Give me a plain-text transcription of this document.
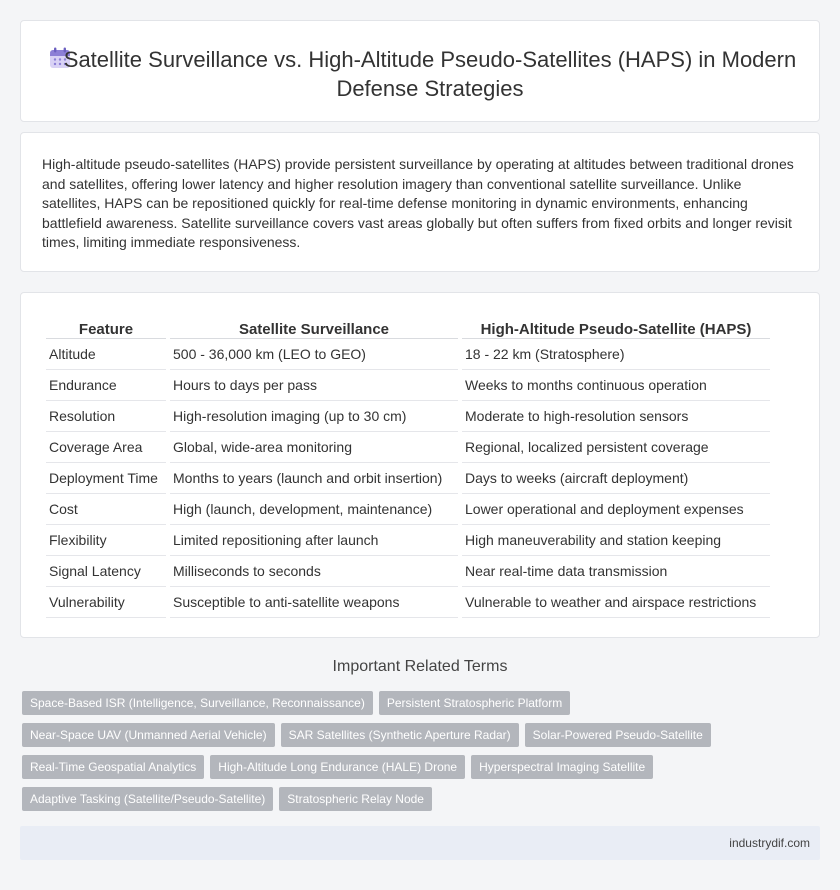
Satellite Surveillance vs. High-Altitude Pseudo-Satellites (HAPS) in Modern Defense Strategies

High-altitude pseudo-satellites (HAPS) provide persistent surveillance by operating at altitudes between traditional drones and satellites, offering lower latency and higher resolution imagery than conventional satellite surveillance. Unlike satellites, HAPS can be repositioned quickly for real-time defense monitoring in dynamic environments, enhancing battlefield awareness. Satellite surveillance covers vast areas globally but often suffers from fixed orbits and longer revisit times, limiting immediate responsiveness.

Feature	Satellite Surveillance	High-Altitude Pseudo-Satellite (HAPS)
Altitude	500 - 36,000 km (LEO to GEO)	18 - 22 km (Stratosphere)
Endurance	Hours to days per pass	Weeks to months continuous operation
Resolution	High-resolution imaging (up to 30 cm)	Moderate to high-resolution sensors
Coverage Area	Global, wide-area monitoring	Regional, localized persistent coverage
Deployment Time	Months to years (launch and orbit insertion)	Days to weeks (aircraft deployment)
Cost	High (launch, development, maintenance)	Lower operational and deployment expenses
Flexibility	Limited repositioning after launch	High maneuverability and station keeping
Signal Latency	Milliseconds to seconds	Near real-time data transmission
Vulnerability	Susceptible to anti-satellite weapons	Vulnerable to weather and airspace restrictions
Important Related Terms
Space-Based ISR (Intelligence, Surveillance, Reconnaissance)	Persistent Stratospheric Platform
Near-Space UAV (Unmanned Aerial Vehicle)	SAR Satellites (Synthetic Aperture Radar)	Solar-Powered Pseudo-Satellite
Real-Time Geospatial Analytics	High-Altitude Long Endurance (HALE) Drone	Hyperspectral Imaging Satellite
Adaptive Tasking (Satellite/Pseudo-Satellite)	Stratospheric Relay Node
industrydif.com
